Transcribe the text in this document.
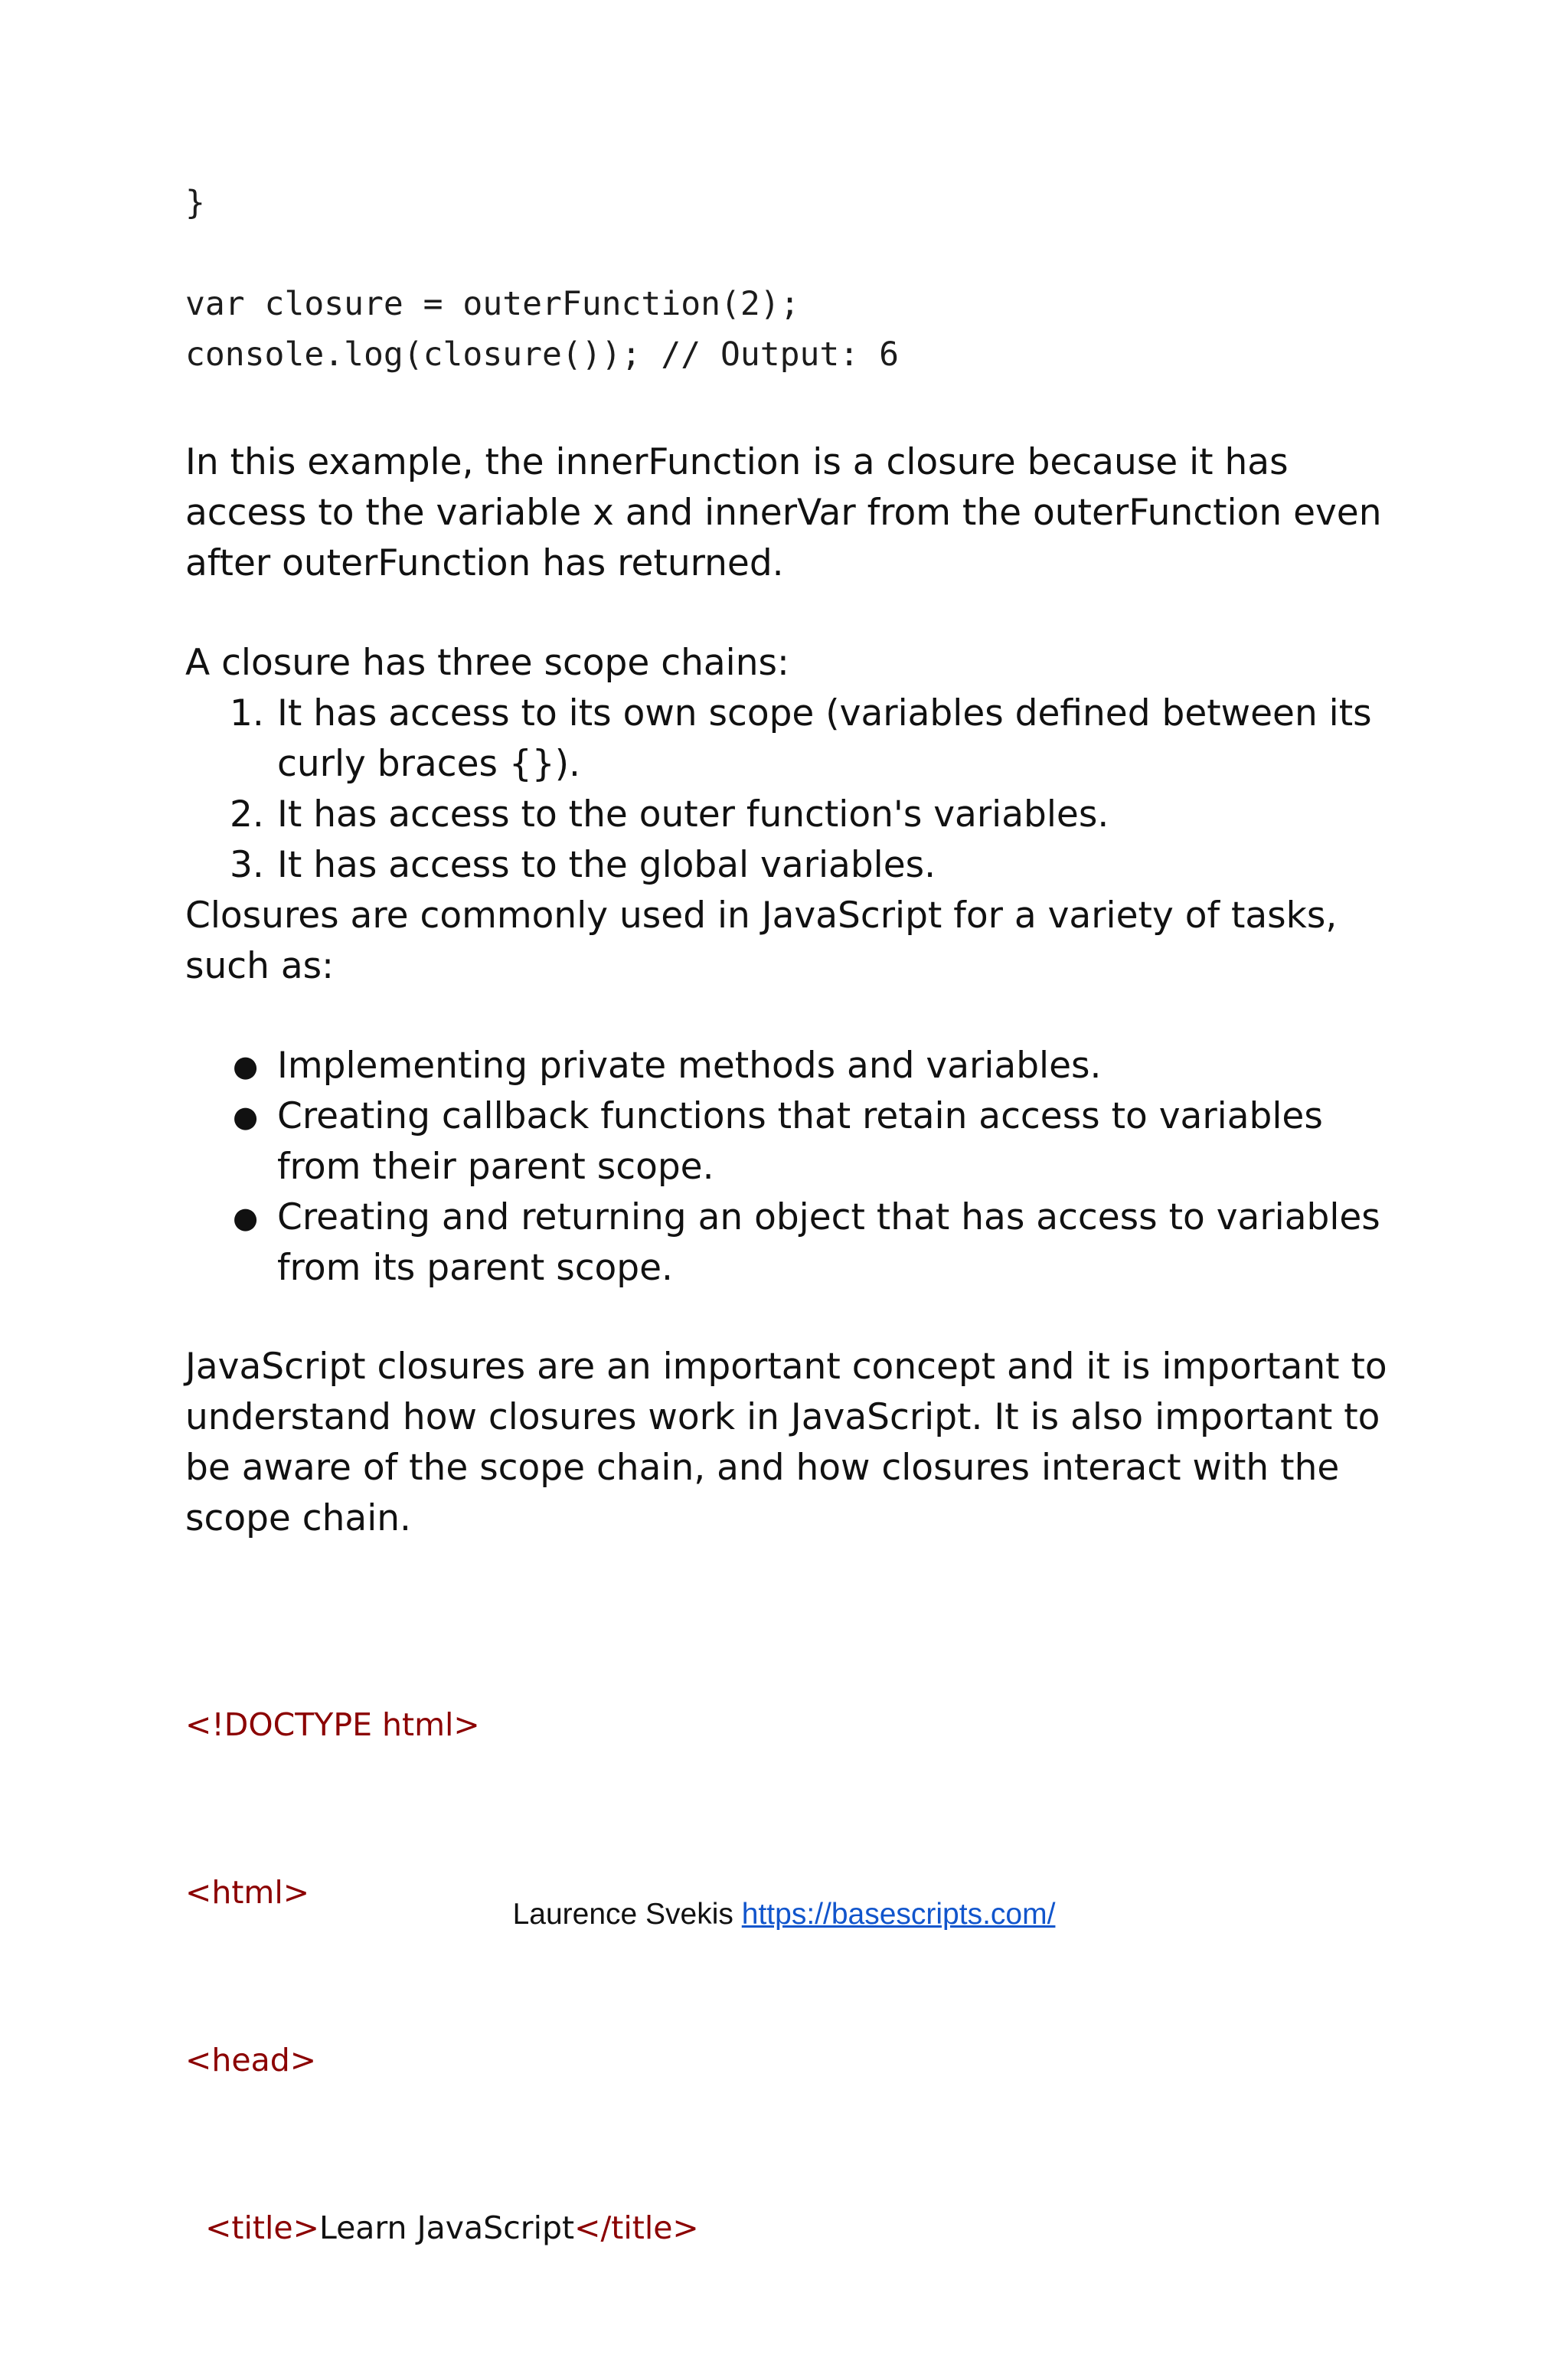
}
var closure = outerFunction(2);
console.log(closure()); // Output: 6

In this example, the innerFunction is a closure because it has access to the variable x and innerVar from the outerFunction even after outerFunction has returned.

A closure has three scope chains:

1. It has access to its own scope (variables defined between its curly braces {}).
2. It has access to the outer function's variables.
3. It has access to the global variables.

Closures are commonly used in JavaScript for a variety of tasks, such as:

● Implementing private methods and variables.
● Creating callback functions that retain access to variables from their parent scope.
● Creating and returning an object that has access to variables from its parent scope.

JavaScript closures are an important concept and it is important to understand how closures work in JavaScript. It is also important to be aware of the scope chain, and how closures interact with the scope chain.

<!DOCTYPE html>

<html>

<head>

<title>Learn JavaScript</title>

Laurence Svekis https://basescripts.com/
